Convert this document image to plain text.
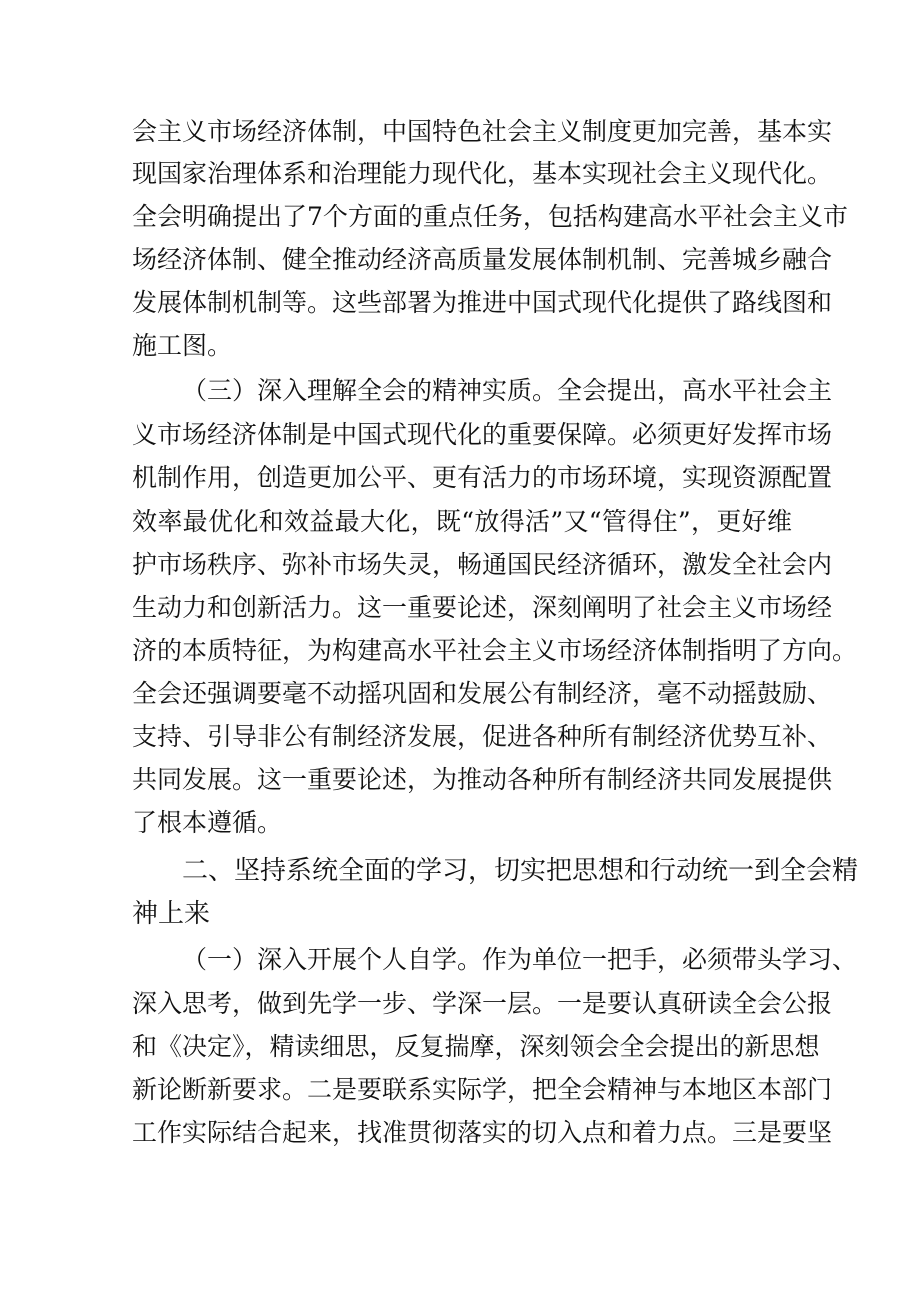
会主义市场经济体制，中国特色社会主义制度更加完善，基本实
现国家治理体系和治理能力现代化，基本实现社会主义现代化。
全会明确提出了7个方面的重点任务，包括构建高水平社会主义市
场经济体制、健全推动经济高质量发展体制机制、完善城乡融合
发展体制机制等。这些部署为推进中国式现代化提供了路线图和
施工图。
（三）深入理解全会的精神实质。全会提出，高水平社会主
义市场经济体制是中国式现代化的重要保障。必须更好发挥市场
机制作用，创造更加公平、更有活力的市场环境，实现资源配置
效率最优化和效益最大化，既“放得活”又“管得住”，更好维
护市场秩序、弥补市场失灵，畅通国民经济循环，激发全社会内
生动力和创新活力。这一重要论述，深刻阐明了社会主义市场经
济的本质特征，为构建高水平社会主义市场经济体制指明了方向。
全会还强调要毫不动摇巩固和发展公有制经济，毫不动摇鼓励、
支持、引导非公有制经济发展，促进各种所有制经济优势互补、
共同发展。这一重要论述，为推动各种所有制经济共同发展提供
了根本遵循。
二、坚持系统全面的学习，切实把思想和行动统一到全会精
神上来
（一）深入开展个人自学。作为单位一把手，必须带头学习、
深入思考，做到先学一步、学深一层。一是要认真研读全会公报
和《决定》，精读细思，反复揣摩，深刻领会全会提出的新思想
新论断新要求。二是要联系实际学，把全会精神与本地区本部门
工作实际结合起来，找准贯彻落实的切入点和着力点。三是要坚
